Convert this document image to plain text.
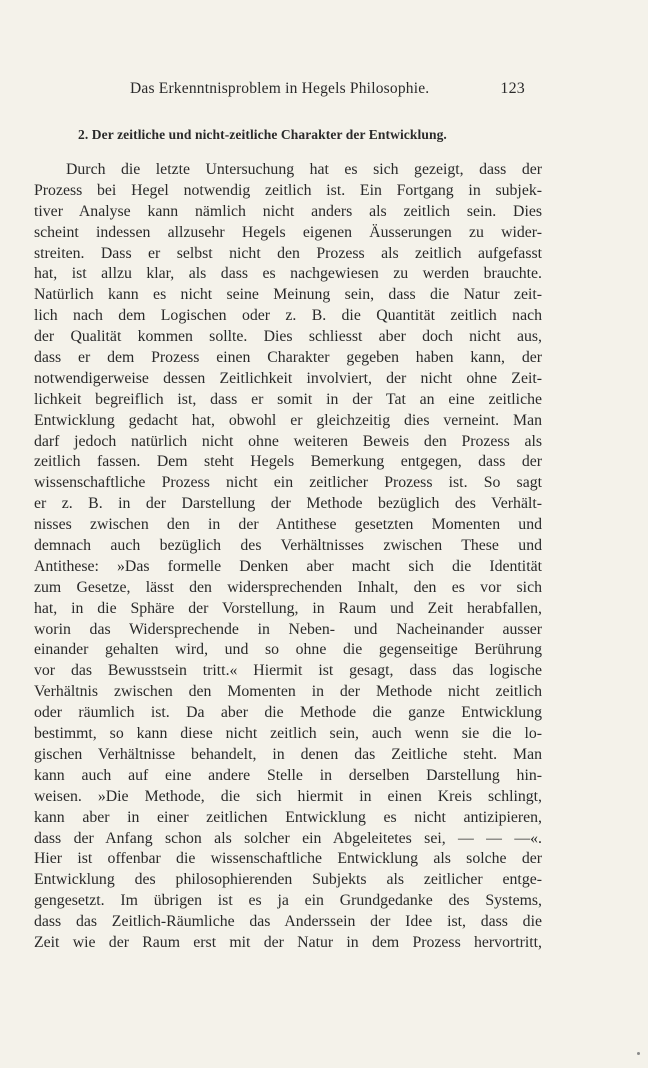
Das Erkenntnisproblem in Hegels Philosophie.	123
2. Der zeitliche und nicht-zeitliche Charakter der Entwicklung.
Durch die letzte Untersuchung hat es sich gezeigt, dass der
Prozess bei Hegel notwendig zeitlich ist. Ein Fortgang in subjek-
tiver Analyse kann nämlich nicht anders als zeitlich sein. Dies
scheint indessen allzusehr Hegels eigenen Äusserungen zu wider-
streiten. Dass er selbst nicht den Prozess als zeitlich aufgefasst
hat, ist allzu klar, als dass es nachgewiesen zu werden brauchte.
Natürlich kann es nicht seine Meinung sein, dass die Natur zeit-
lich nach dem Logischen oder z. B. die Quantität zeitlich nach
der Qualität kommen sollte. Dies schliesst aber doch nicht aus,
dass er dem Prozess einen Charakter gegeben haben kann, der
notwendigerweise dessen Zeitlichkeit involviert, der nicht ohne Zeit-
lichkeit begreiflich ist, dass er somit in der Tat an eine zeitliche
Entwicklung gedacht hat, obwohl er gleichzeitig dies verneint. Man
darf jedoch natürlich nicht ohne weiteren Beweis den Prozess als
zeitlich fassen. Dem steht Hegels Bemerkung entgegen, dass der
wissenschaftliche Prozess nicht ein zeitlicher Prozess ist. So sagt
er z. B. in der Darstellung der Methode bezüglich des Verhält-
nisses zwischen den in der Antithese gesetzten Momenten und
demnach auch bezüglich des Verhältnisses zwischen These und
Antithese: »Das formelle Denken aber macht sich die Identität
zum Gesetze, lässt den widersprechenden Inhalt, den es vor sich
hat, in die Sphäre der Vorstellung, in Raum und Zeit herabfallen,
worin das Widersprechende in Neben- und Nacheinander ausser
einander gehalten wird, und so ohne die gegenseitige Berührung
vor das Bewusstsein tritt.« Hiermit ist gesagt, dass das logische
Verhältnis zwischen den Momenten in der Methode nicht zeitlich
oder räumlich ist. Da aber die Methode die ganze Entwicklung
bestimmt, so kann diese nicht zeitlich sein, auch wenn sie die lo-
gischen Verhältnisse behandelt, in denen das Zeitliche steht. Man
kann auch auf eine andere Stelle in derselben Darstellung hin-
weisen. »Die Methode, die sich hiermit in einen Kreis schlingt,
kann aber in einer zeitlichen Entwicklung es nicht antizipieren,
dass der Anfang schon als solcher ein Abgeleitetes sei, — — —«.
Hier ist offenbar die wissenschaftliche Entwicklung als solche der
Entwicklung des philosophierenden Subjekts als zeitlicher entge-
gengesetzt. Im übrigen ist es ja ein Grundgedanke des Systems,
dass das Zeitlich-Räumliche das Anderssein der Idee ist, dass die
Zeit wie der Raum erst mit der Natur in dem Prozess hervortritt,
